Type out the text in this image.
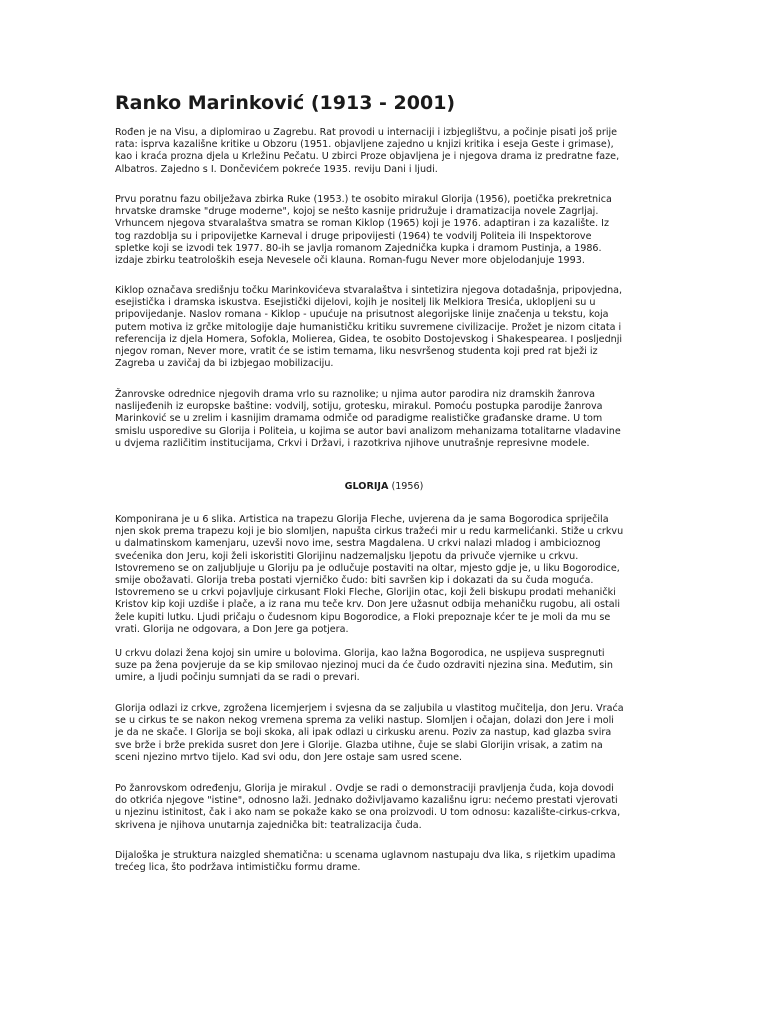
Ranko Marinković (1913 - 2001)

Rođen je na Visu, a diplomirao u Zagrebu. Rat provodi u internaciji i izbjeglištvu, a počinje pisati još prije
rata: isprva kazališne kritike u Obzoru (1951. objavljene zajedno u knjizi kritika i eseja Geste i grimase),
kao i kraća prozna djela u Krležinu Pečatu. U zbirci Proze objavljena je i njegova drama iz predratne faze,
Albatros. Zajedno s I. Dončevićem pokreće 1935. reviju Dani i ljudi.

Prvu poratnu fazu obilježava zbirka Ruke (1953.) te osobito mirakul Glorija (1956), poetička prekretnica
hrvatske dramske "druge moderne", kojoj se nešto kasnije pridružuje i dramatizacija novele Zagrljaj.
Vrhuncem njegova stvaralaštva smatra se roman Kiklop (1965) koji je 1976. adaptiran i za kazalište. Iz
tog razdoblja su i pripovijetke Karneval i druge pripovijesti (1964) te vodvilj Politeia ili Inspektorove
spletke koji se izvodi tek 1977. 80-ih se javlja romanom Zajednička kupka i dramom Pustinja, a 1986.
izdaje zbirku teatroloških eseja Nevesele oči klauna. Roman-fugu Never more objelodanjuje 1993.

Kiklop označava središnju točku Marinkovićeva stvaralaštva i sintetizira njegova dotadašnja, pripovjedna,
esejistička i dramska iskustva. Esejistički dijelovi, kojih je nositelj lik Melkiora Tresića, uklopljeni su u
pripovijedanje. Naslov romana - Kiklop - upućuje na prisutnost alegorijske linije značenja u tekstu, koja
putem motiva iz grčke mitologije daje humanističku kritiku suvremene civilizacije. Prožet je nizom citata i
referencija iz djela Homera, Sofokla, Molierea, Gidea, te osobito Dostojevskog i Shakespearea. I posljednji
njegov roman, Never more, vratit će se istim temama, liku nesvršenog studenta koji pred rat bježi iz
Zagreba u zavičaj da bi izbjegao mobilizaciju.

Žanrovske odrednice njegovih drama vrlo su raznolike; u njima autor parodira niz dramskih žanrova
naslijeđenih iz europske baštine: vodvilj, sotiju, grotesku, mirakul. Pomoću postupka parodije žanrova
Marinković se u zrelim i kasnijim dramama odmiče od paradigme realističke građanske drame. U tom
smislu usporedive su Glorija i Politeia, u kojima se autor bavi analizom mehanizama totalitarne vladavine
u dvjema različitim institucijama, Crkvi i Državi, i razotkriva njihove unutrašnje represivne modele.

GLORIJA (1956)

Komponirana je u 6 slika. Artistica na trapezu Glorija Fleche, uvjerena da je sama Bogorodica spriječila
njen skok prema trapezu koji je bio slomljen, napušta cirkus tražeći mir u redu karmelićanki. Stiže u crkvu
u dalmatinskom kamenjaru, uzevši novo ime, sestra Magdalena. U crkvi nalazi mladog i ambicioznog
svećenika don Jeru, koji želi iskoristiti Glorijinu nadzemaljsku ljepotu da privuče vjernike u crkvu.
Istovremeno se on zaljubljuje u Gloriju pa je odlučuje postaviti na oltar, mjesto gdje je, u liku Bogorodice,
smije obožavati. Glorija treba postati vjerničko čudo: biti savršen kip i dokazati da su čuda moguća.
Istovremeno se u crkvi pojavljuje cirkusant Floki Fleche, Glorijin otac, koji želi biskupu prodati mehanički
Kristov kip koji uzdiše i plače, a iz rana mu teče krv. Don Jere užasnut odbija mehaničku rugobu, ali ostali
žele kupiti lutku. Ljudi pričaju o čudesnom kipu Bogorodice, a Floki prepoznaje kćer te je moli da mu se
vrati. Glorija ne odgovara, a Don Jere ga potjera.

U crkvu dolazi žena kojoj sin umire u bolovima. Glorija, kao lažna Bogorodica, ne uspijeva suspregnuti
suze pa žena povjeruje da se kip smilovao njezinoj muci da će čudo ozdraviti njezina sina. Međutim, sin
umire, a ljudi počinju sumnjati da se radi o prevari.

Glorija odlazi iz crkve, zgrožena licemjerjem i svjesna da se zaljubila u vlastitog mučitelja, don Jeru. Vraća
se u cirkus te se nakon nekog vremena sprema za veliki nastup. Slomljen i očajan, dolazi don Jere i moli
je da ne skače. I Glorija se boji skoka, ali ipak odlazi u cirkusku arenu. Poziv za nastup, kad glazba svira
sve brže i brže prekida susret don Jere i Glorije. Glazba utihne, čuje se slabi Glorijin vrisak, a zatim na
sceni njezino mrtvo tijelo. Kad svi odu, don Jere ostaje sam usred scene.

Po žanrovskom određenju, Glorija je mirakul . Ovdje se radi o demonstraciji pravljenja čuda, koja dovodi
do otkrića njegove "istine", odnosno laži. Jednako doživljavamo kazališnu igru: nećemo prestati vjerovati
u njezinu istinitost, čak i ako nam se pokaže kako se ona proizvodi. U tom odnosu: kazalište-cirkus-crkva,
skrivena je njihova unutarnja zajednička bit: teatralizacija čuda.

Dijaloška je struktura naizgled shematična: u scenama uglavnom nastupaju dva lika, s rijetkim upadima
trećeg lica, što podržava intimističku formu drame.
